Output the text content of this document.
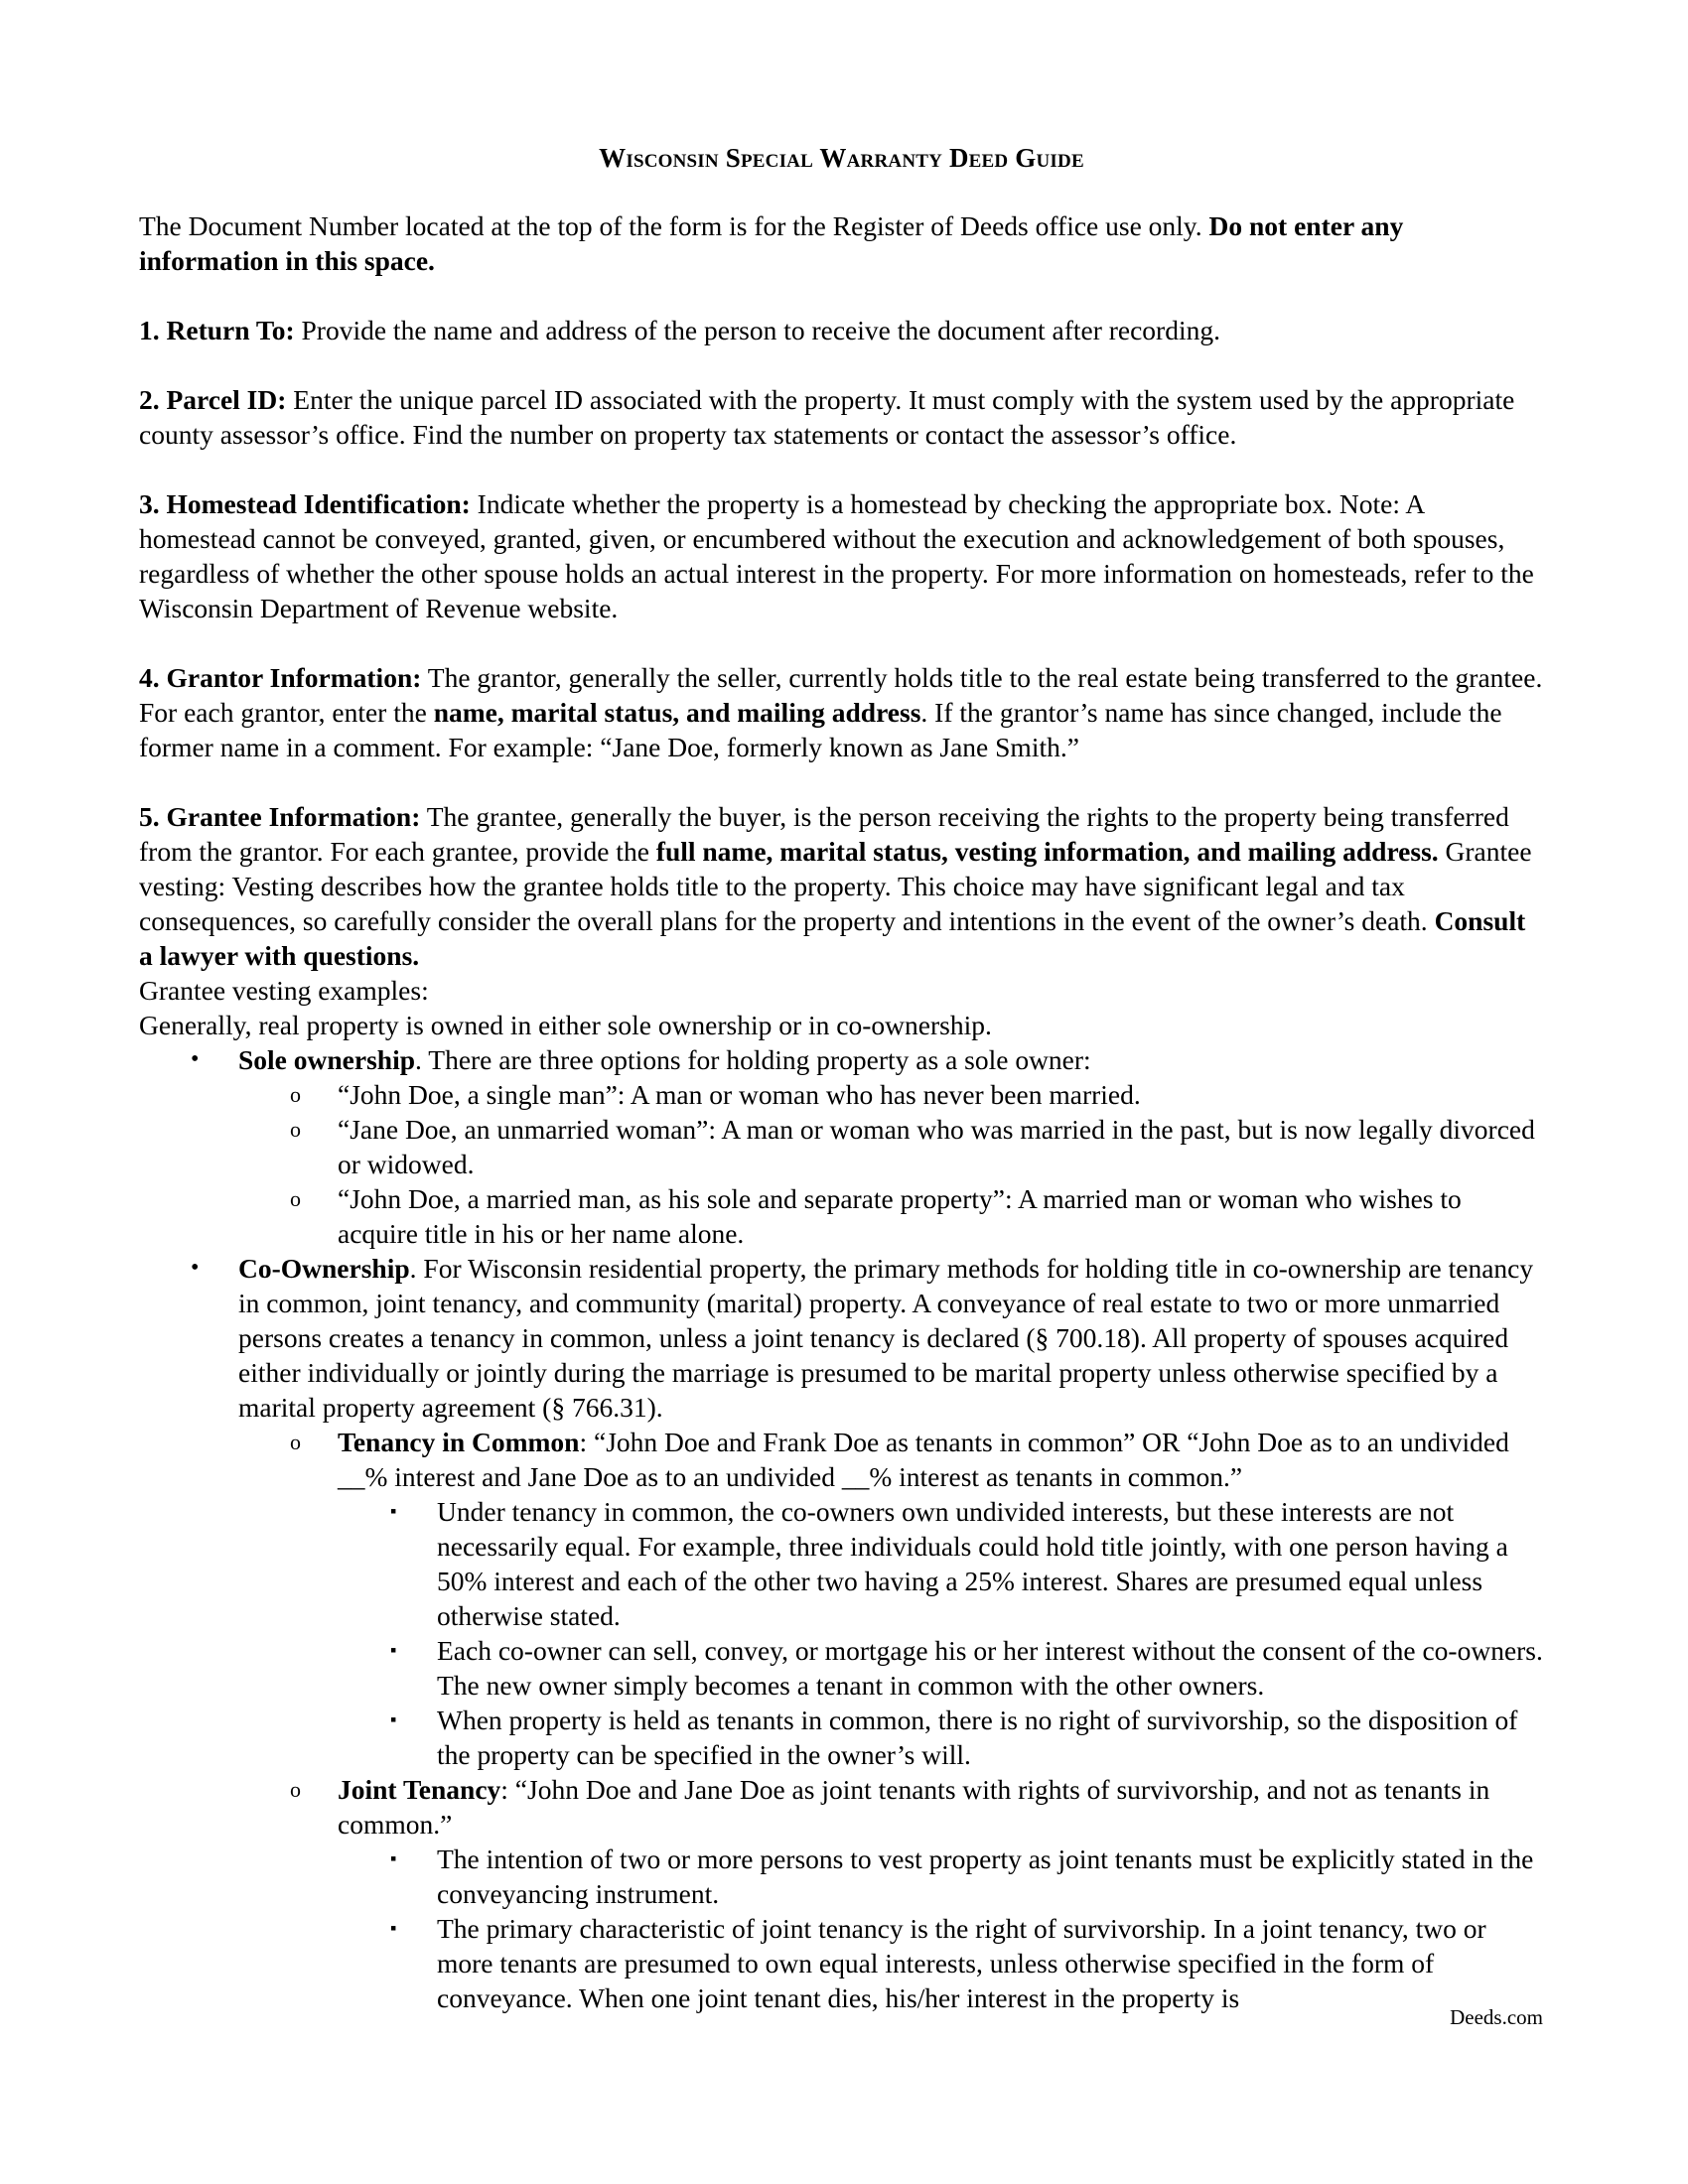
Wisconsin Special Warranty Deed Guide

The Document Number located at the top of the form is for the Register of Deeds office use only. Do not enter any information in this space.

1. Return To: Provide the name and address of the person to receive the document after recording.

2. Parcel ID: Enter the unique parcel ID associated with the property. It must comply with the system used by the appropriate county assessor’s office. Find the number on property tax statements or contact the assessor’s office.

3. Homestead Identification: Indicate whether the property is a homestead by checking the appropriate box. Note: A homestead cannot be conveyed, granted, given, or encumbered without the execution and acknowledgement of both spouses, regardless of whether the other spouse holds an actual interest in the property. For more information on homesteads, refer to the Wisconsin Department of Revenue website.

4. Grantor Information: The grantor, generally the seller, currently holds title to the real estate being transferred to the grantee. For each grantor, enter the name, marital status, and mailing address. If the grantor’s name has since changed, include the former name in a comment. For example: “Jane Doe, formerly known as Jane Smith.”

5. Grantee Information: The grantee, generally the buyer, is the person receiving the rights to the property being transferred from the grantor. For each grantee, provide the full name, marital status, vesting information, and mailing address. Grantee vesting: Vesting describes how the grantee holds title to the property. This choice may have significant legal and tax consequences, so carefully consider the overall plans for the property and intentions in the event of the owner’s death. Consult a lawyer with questions.

Grantee vesting examples:

Generally, real property is owned in either sole ownership or in co-ownership.

• Sole ownership. There are three options for holding property as a sole owner:
o “John Doe, a single man”: A man or woman who has never been married.
o “Jane Doe, an unmarried woman”: A man or woman who was married in the past, but is now legally divorced or widowed.
o “John Doe, a married man, as his sole and separate property”: A married man or woman who wishes to acquire title in his or her name alone.
• Co-Ownership. For Wisconsin residential property, the primary methods for holding title in co-ownership are tenancy in common, joint tenancy, and community (marital) property. A conveyance of real estate to two or more unmarried persons creates a tenancy in common, unless a joint tenancy is declared (§ 700.18). All property of spouses acquired either individually or jointly during the marriage is presumed to be marital property unless otherwise specified by a marital property agreement (§ 766.31).
o Tenancy in Common: “John Doe and Frank Doe as tenants in common” OR “John Doe as to an undivided __% interest and Jane Doe as to an undivided __% interest as tenants in common.”
▪ Under tenancy in common, the co-owners own undivided interests, but these interests are not necessarily equal. For example, three individuals could hold title jointly, with one person having a 50% interest and each of the other two having a 25% interest. Shares are presumed equal unless otherwise stated.
▪ Each co-owner can sell, convey, or mortgage his or her interest without the consent of the co-owners. The new owner simply becomes a tenant in common with the other owners.
▪ When property is held as tenants in common, there is no right of survivorship, so the disposition of the property can be specified in the owner’s will.
o Joint Tenancy: “John Doe and Jane Doe as joint tenants with rights of survivorship, and not as tenants in common.”
▪ The intention of two or more persons to vest property as joint tenants must be explicitly stated in the conveyancing instrument.
▪ The primary characteristic of joint tenancy is the right of survivorship. In a joint tenancy, two or more tenants are presumed to own equal interests, unless otherwise specified in the form of conveyance. When one joint tenant dies, his/her interest in the property is
Deeds.com
